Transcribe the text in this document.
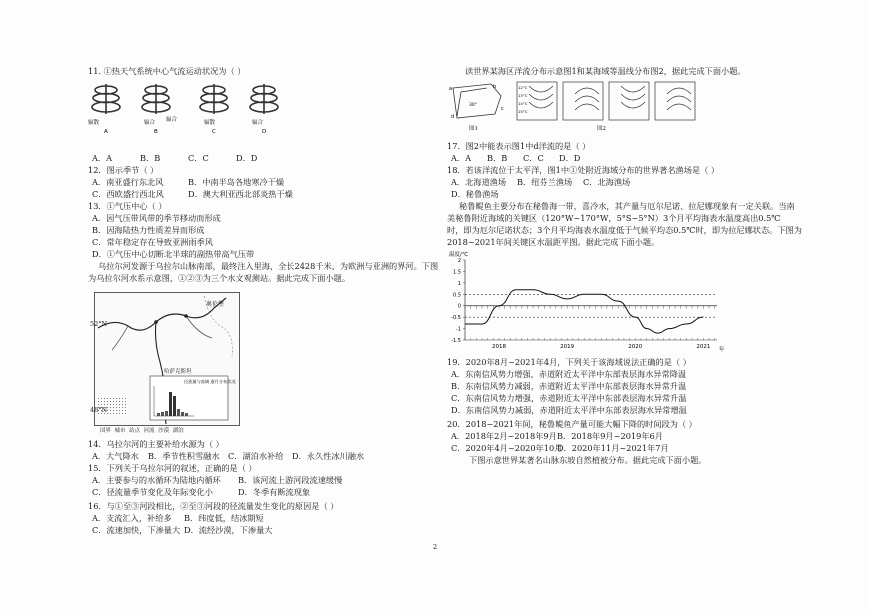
11. ①热天气系统中心气流运动状况为（ ）
辐散	辐合 辐合	辐散	辐合
A	B	C	D
A．A	B．B	C．C	D．D
12．图示季节（ ）
A．南亚盛行东北风	B．中南半岛各地寒冷干燥
C．西欧盛行西北风	D．澳大利亚西北部炎热干燥
13．①气压中心（ ）
A．因气压带风带的季节移动而形成
B．因海陆热力性质差异而形成
C．常年稳定存在导致亚洲雨季风
D．①气压中心切断北半球的副热带高气压带
乌拉尔河发源于乌拉尔山脉南部，最终注入里海，全长2428千米，为欧洲与亚洲的界河。下图
为乌拉尔河水系示意图，①②③为三个水文观测站。据此完成下面小题。
奥伦堡
哈萨克斯坦
径流量与流域 逐月分布状况
52°N
48°N
国界 城市 站点 河流 沙漠 湖泊
14．乌拉尔河的主要补给水源为（ ）
A．大气降水 B．季节性积雪融水 C．湖泊水补给 D．永久性冰川融水
15．下列关于乌拉尔河的叙述，正确的是（ ）
A．主要参与的水循环为陆地内循环 B．该河流上游河段流速缓慢
C．径流量季节变化及年际变化小	D．冬季有断流现象
16．与①至③河段相比，②至③河段的径流量发生变化的原因是（ ）
A．支流汇入，补给多 B．纬度低，结冰期短
C．流速加快，下渗量大 D．流经沙漠，下渗量大
读世界某海区洋流分布示意图1和某海域等温线分布图2，据此完成下面小题。
a	b
c
d
30°
图1
12°C
13°C
14°C
15°C
图2
17．图2中能表示图1中d洋流的是（ ）
A．A B．B C．C D．D
18．若该洋流位于太平洋，图1中①处附近海域分布的世界著名渔场是（ ）
A．北海道渔场 B．纽芬兰渔场 C．北海渔场
D．秘鲁渔场
秘鲁鳀鱼主要分布在秘鲁海一带，喜冷水，其产量与厄尔尼诺、拉尼娜现象有一定关联。当南
美秘鲁附近海域的关键区（120°W~170°W，5°S~5°N）3个月平均海表水温度高出0.5℃
时，即为厄尔尼诺状态；3个月平均海表水温度低于气候平均态0.5℃时，即为拉尼娜状态。下图为
2018~2021年间关键区水温距平图。据此完成下面小题。
温度/℃
2
1.5
1
0.5
0
-0.5
-1
-1.5
2018	2019	2020	2021 年
19．2020年8月~2021年4月，下列关于该海域说法正确的是（ ）
A．东南信风势力增强，赤道附近太平洋中东部表层海水异常降温
B．东南信风势力减弱，赤道附近太平洋中东部表层海水异常升温
C．东南信风势力增强，赤道附近太平洋中东部表层海水异常升温
D．东南信风势力减弱，赤道附近太平洋中东部表层海水异常增温
20．2018~2021年间，秘鲁鳀鱼产量可能大幅下降的时间段为（ ）
A．2018年2月~2018年9月 B．2018年9月~2019年6月
C．2020年4月~2020年10月
D．2020年11月~2021年7月
下图示意世界某著名山脉东坡自然植被分布。据此完成下面小题。
2
